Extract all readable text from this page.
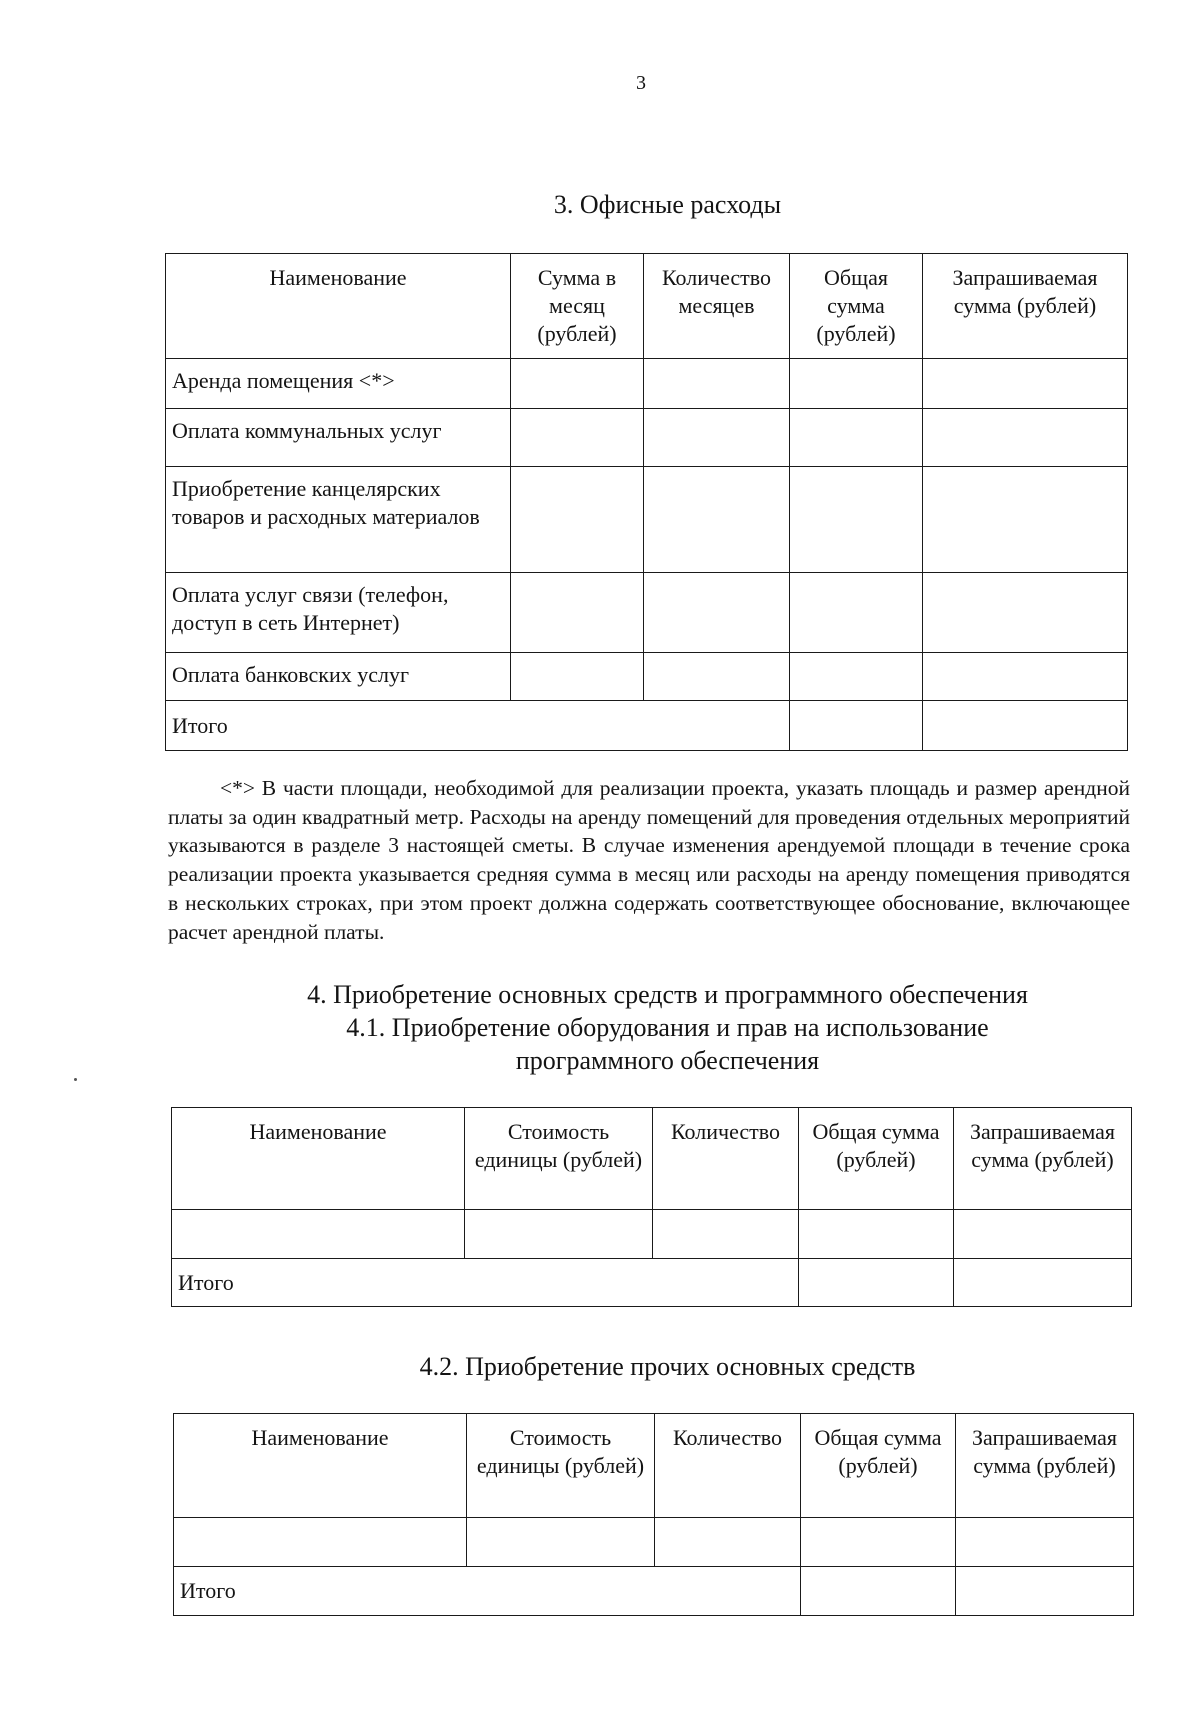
3
3. Офисные расходы
Наименование	Сумма в месяц (рублей)	Количество месяцев	Общая сумма (рублей)	Запрашиваемая сумма (рублей)
Аренда помещения <*>				
Оплата коммунальных услуг				
Приобретение канцелярских товаров и расходных материалов				
Оплата услуг связи (телефон, доступ в сеть Интернет)				
Оплата банковских услуг				
Итого				
<*> В части площади, необходимой для реализации проекта, указать площадь и размер арендной платы за один квадратный метр. Расходы на аренду помещений для проведения отдельных мероприятий указываются в разделе 3 настоящей сметы. В случае изменения арендуемой площади в течение срока реализации проекта указывается средняя сумма в месяц или расходы на аренду помещения приводятся в нескольких строках, при этом проект должна содержать соответствующее обоснование, включающее расчет арендной платы.
4. Приобретение основных средств и программного обеспечения
4.1. Приобретение оборудования и прав на использование программного обеспечения
Наименование	Стоимость единицы (рублей)	Количество	Общая сумма (рублей)	Запрашиваемая сумма (рублей)

Итого				
4.2. Приобретение прочих основных средств
Наименование	Стоимость единицы (рублей)	Количество	Общая сумма (рублей)	Запрашиваемая сумма (рублей)

Итого				
